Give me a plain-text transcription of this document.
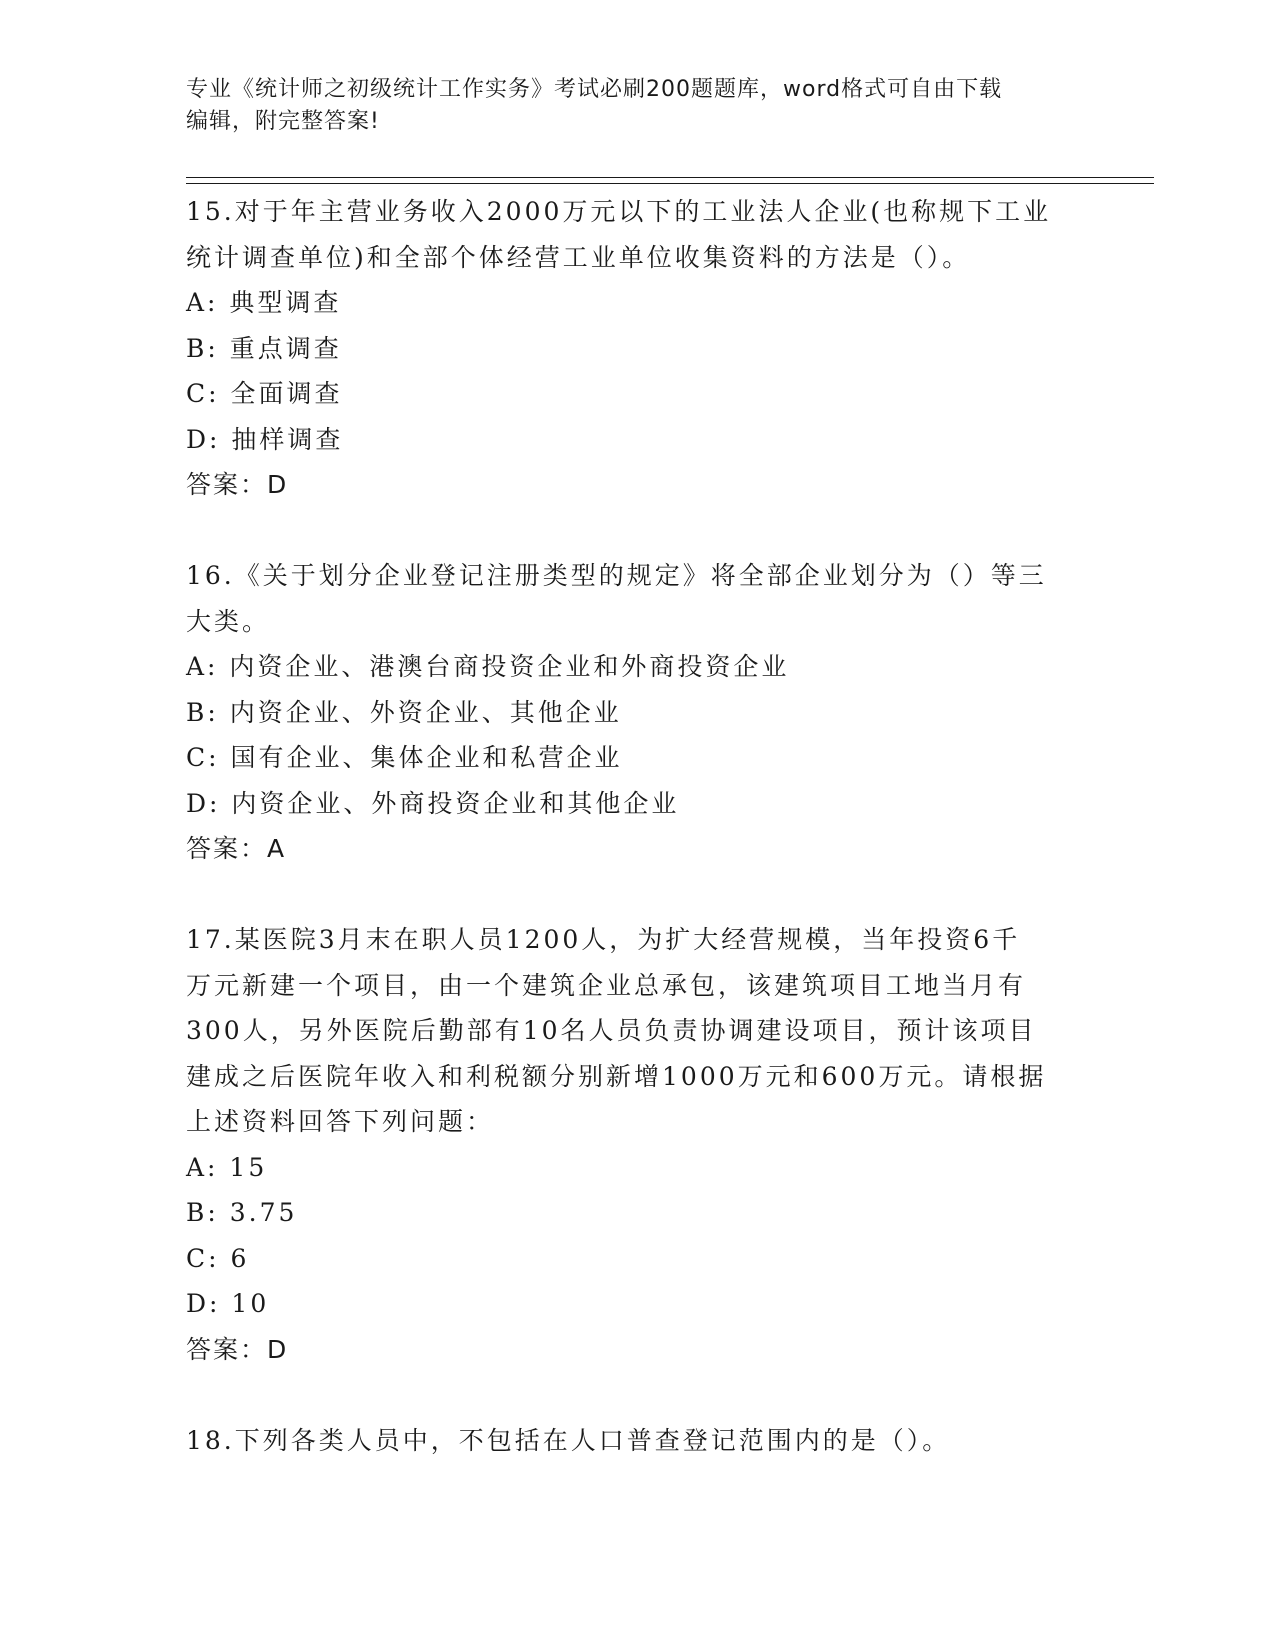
专业《统计师之初级统计工作实务》考试必刷200题题库，word格式可自由下载

编辑，附完整答案!

15.对于年主营业务收入2000万元以下的工业法人企业(也称规下工业
统计调查单位)和全部个体经营工业单位收集资料的方法是（）。
A: 典型调查
B: 重点调查
C: 全面调查
D: 抽样调查
答案：D
16.《关于划分企业登记注册类型的规定》将全部企业划分为（）等三
大类。
A: 内资企业、港澳台商投资企业和外商投资企业
B: 内资企业、外资企业、其他企业
C: 国有企业、集体企业和私营企业
D: 内资企业、外商投资企业和其他企业
答案：A
17.某医院3月末在职人员1200人，为扩大经营规模，当年投资6千
万元新建一个项目，由一个建筑企业总承包，该建筑项目工地当月有
300人，另外医院后勤部有10名人员负责协调建设项目，预计该项目
建成之后医院年收入和利税额分别新增1000万元和600万元。请根据
上述资料回答下列问题：
A: 15
B: 3.75
C: 6
D: 10
答案：D
18.下列各类人员中，不包括在人口普查登记范围内的是（）。
